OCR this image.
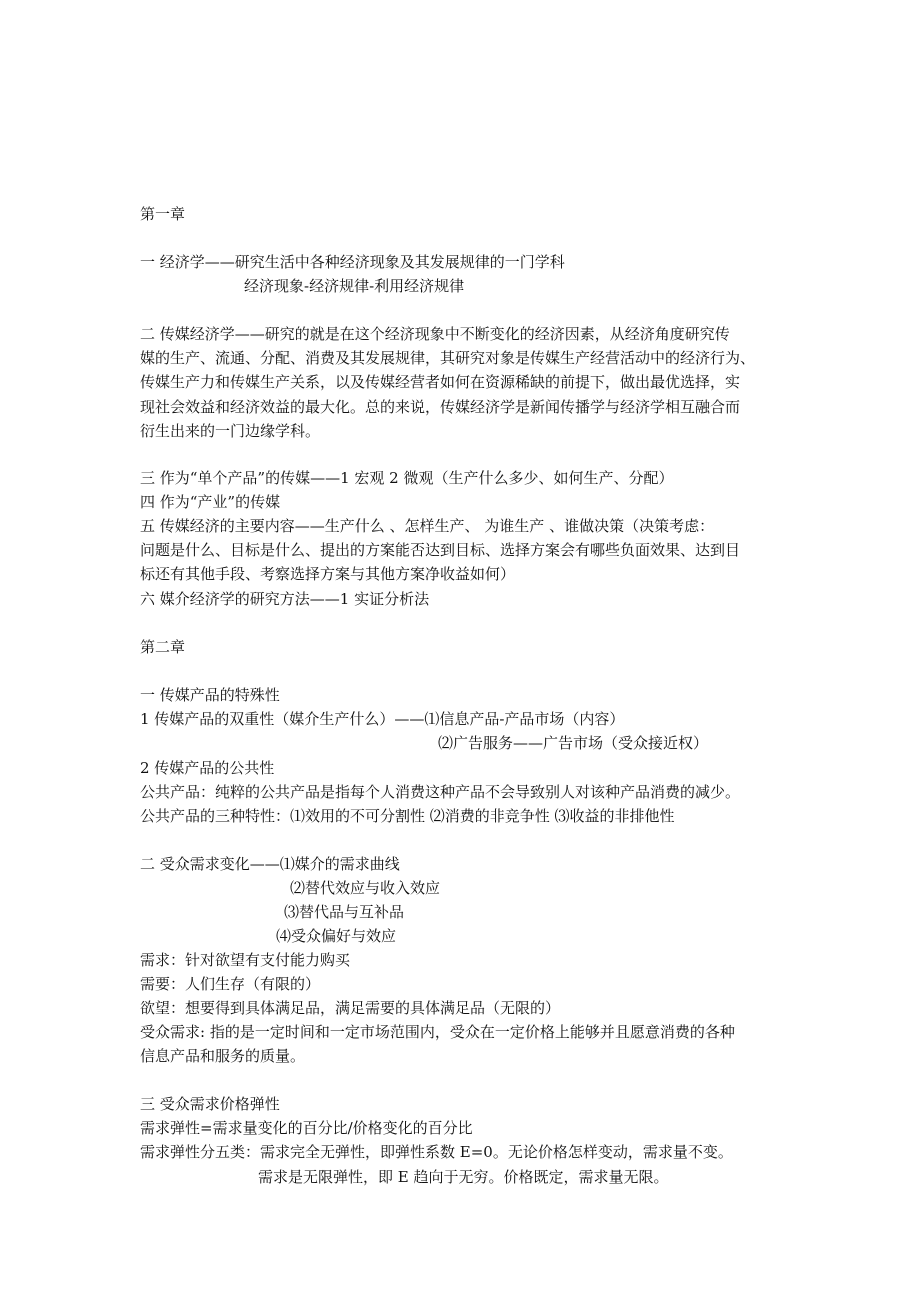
第一章
一 经济学——研究生活中各种经济现象及其发展规律的一门学科
经济现象-经济规律-利用经济规律
二 传媒经济学——研究的就是在这个经济现象中不断变化的经济因素，从经济角度研究传
媒的生产、流通、分配、消费及其发展规律，其研究对象是传媒生产经营活动中的经济行为、
传媒生产力和传媒生产关系，以及传媒经营者如何在资源稀缺的前提下，做出最优选择，实
现社会效益和经济效益的最大化。总的来说，传媒经济学是新闻传播学与经济学相互融合而
衍生出来的一门边缘学科。
三 作为“单个产品”的传媒——1 宏观 2 微观（生产什么多少、如何生产、分配）
四 作为“产业”的传媒
五 传媒经济的主要内容——生产什么 、怎样生产、 为谁生产 、谁做决策（决策考虑：
问题是什么、目标是什么、提出的方案能否达到目标、选择方案会有哪些负面效果、达到目
标还有其他手段、考察选择方案与其他方案净收益如何）
六 媒介经济学的研究方法——1 实证分析法
第二章
一 传媒产品的特殊性
1 传媒产品的双重性（媒介生产什么）——⑴信息产品-产品市场（内容）
⑵广告服务——广告市场（受众接近权）
2 传媒产品的公共性
公共产品：纯粹的公共产品是指每个人消费这种产品不会导致别人对该种产品消费的减少。
公共产品的三种特性：⑴效用的不可分割性 ⑵消费的非竞争性 ⑶收益的非排他性
二 受众需求变化——⑴媒介的需求曲线
⑵替代效应与收入效应
⑶替代品与互补品
⑷受众偏好与效应
需求：针对欲望有支付能力购买
需要：人们生存（有限的）
欲望：想要得到具体满足品，满足需要的具体满足品（无限的）
受众需求: 指的是一定时间和一定市场范围内，受众在一定价格上能够并且愿意消费的各种
信息产品和服务的质量。
三 受众需求价格弹性
需求弹性=需求量变化的百分比/价格变化的百分比
需求弹性分五类：需求完全无弹性，即弹性系数 E=0。无论价格怎样变动，需求量不变。
需求是无限弹性，即 E 趋向于无穷。价格既定，需求量无限。
